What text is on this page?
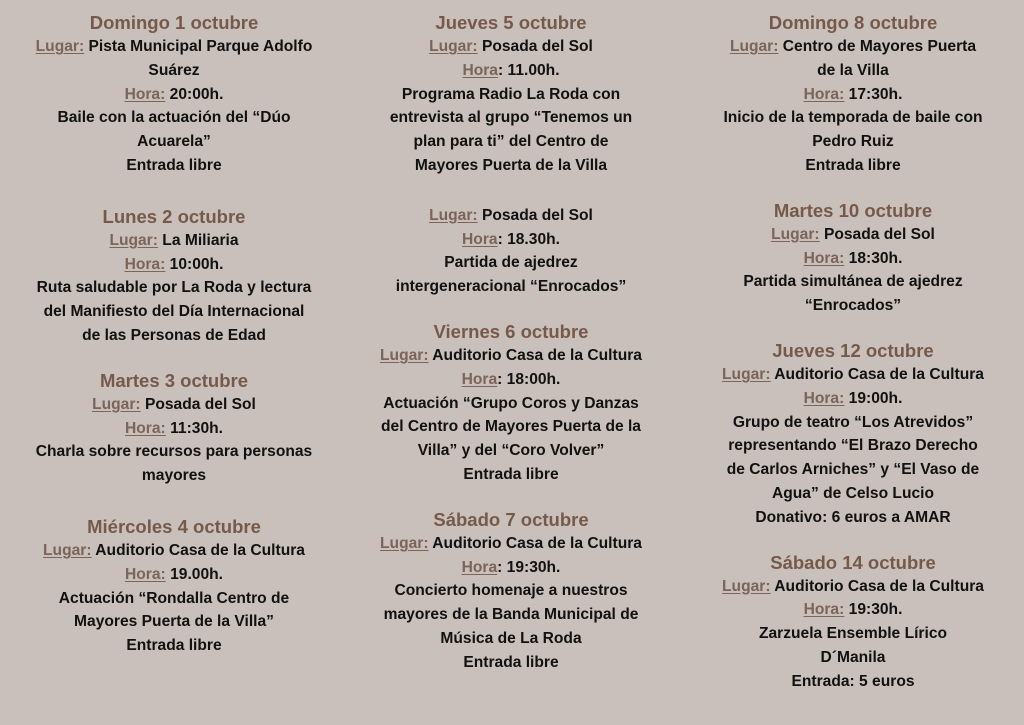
Domingo 1 octubre
Lugar: Pista Municipal Parque Adolfo
Suárez
Hora: 20:00h.
Baile con la actuación del “Dúo
Acuarela”
Entrada libre
Lunes 2 octubre
Lugar: La Miliaria
Hora: 10:00h.
Ruta saludable por La Roda y lectura
del Manifiesto del Día Internacional
de las Personas de Edad
Martes 3 octubre
Lugar: Posada del Sol
Hora: 11:30h.
Charla sobre recursos para personas
mayores
Miércoles 4 octubre
Lugar: Auditorio Casa de la Cultura
Hora: 19.00h.
Actuación “Rondalla Centro de
Mayores Puerta de la Villa”
Entrada libre
Jueves 5 octubre
Lugar: Posada del Sol
Hora: 11.00h.
Programa Radio La Roda con
entrevista al grupo “Tenemos un
plan para ti” del Centro de
Mayores Puerta de la Villa
Lugar: Posada del Sol
Hora: 18.30h.
Partida de ajedrez
intergeneracional “Enrocados”
Viernes 6 octubre
Lugar: Auditorio Casa de la Cultura
Hora: 18:00h.
Actuación “Grupo Coros y Danzas
del Centro de Mayores Puerta de la
Villa” y del “Coro Volver”
Entrada libre
Sábado 7 octubre
Lugar: Auditorio Casa de la Cultura
Hora: 19:30h.
Concierto homenaje a nuestros
mayores de la Banda Municipal de
Música de La Roda
Entrada libre
Domingo 8 octubre
Lugar: Centro de Mayores Puerta
de la Villa
Hora: 17:30h.
Inicio de la temporada de baile con
Pedro Ruiz
Entrada libre
Martes 10 octubre
Lugar: Posada del Sol
Hora: 18:30h.
Partida simultánea de ajedrez
“Enrocados”
Jueves 12 octubre
Lugar: Auditorio Casa de la Cultura
Hora: 19:00h.
Grupo de teatro “Los Atrevidos”
representando “El Brazo Derecho
de Carlos Arniches” y “El Vaso de
Agua” de Celso Lucio
Donativo: 6 euros a AMAR
Sábado 14 octubre
Lugar: Auditorio Casa de la Cultura
Hora: 19:30h.
Zarzuela Ensemble Lírico
D´Manila
Entrada: 5 euros
